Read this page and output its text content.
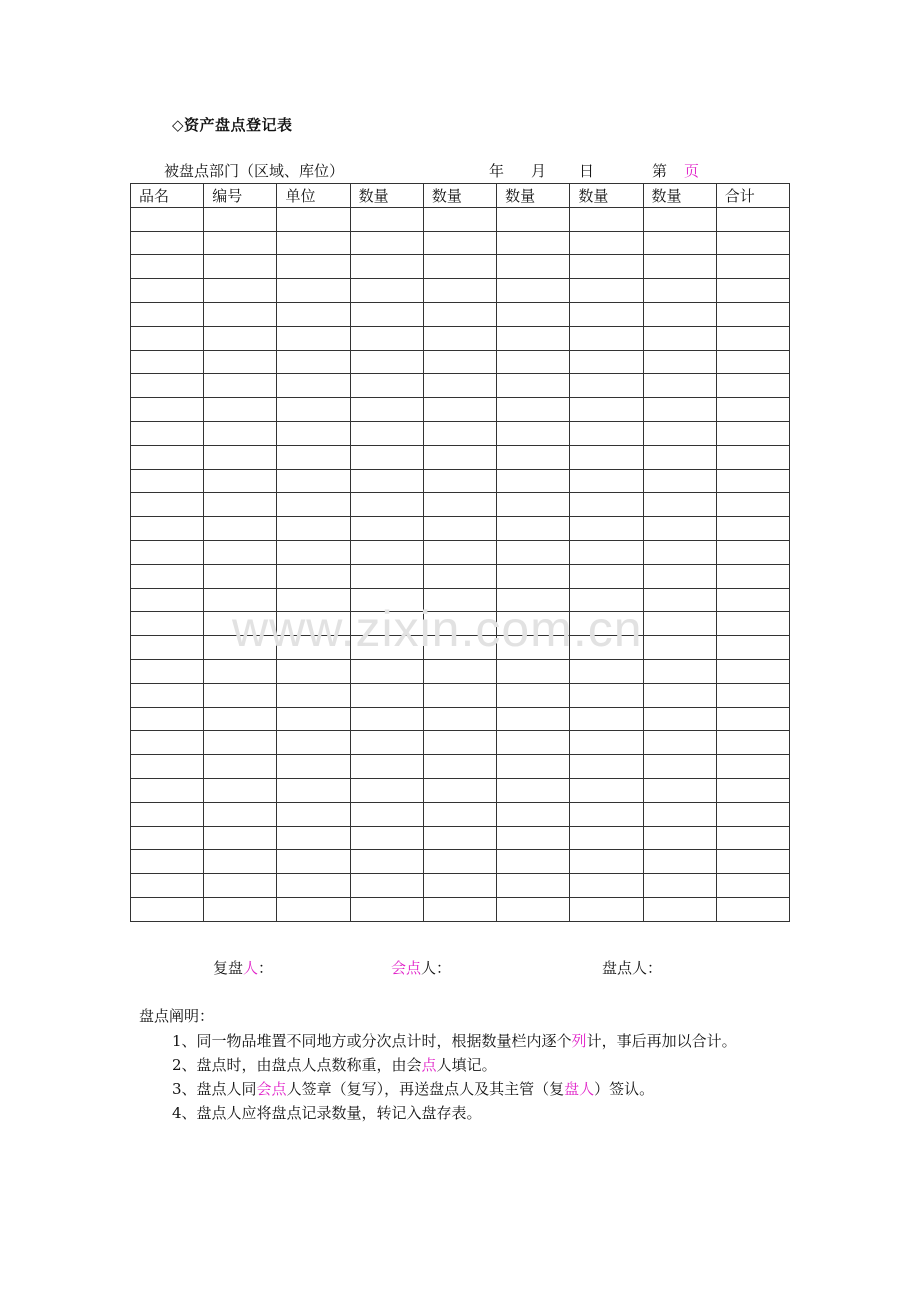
◇资产盘点登记表
被盘点部门（区域、库位）	年 月 日	第 页
品名	编号	单位	数量	数量	数量	数量	数量	合计

www.zixin.com.cn
复盘人：	会点人：	盘点人：
盘点阐明：
1、同一物品堆置不同地方或分次点计时，根据数量栏内逐个列计，事后再加以合计。
2、盘点时，由盘点人点数称重，由会点人填记。
3、盘点人同会点人签章（复写），再送盘点人及其主管（复盘人）签认。
4、盘点人应将盘点记录数量，转记入盘存表。
